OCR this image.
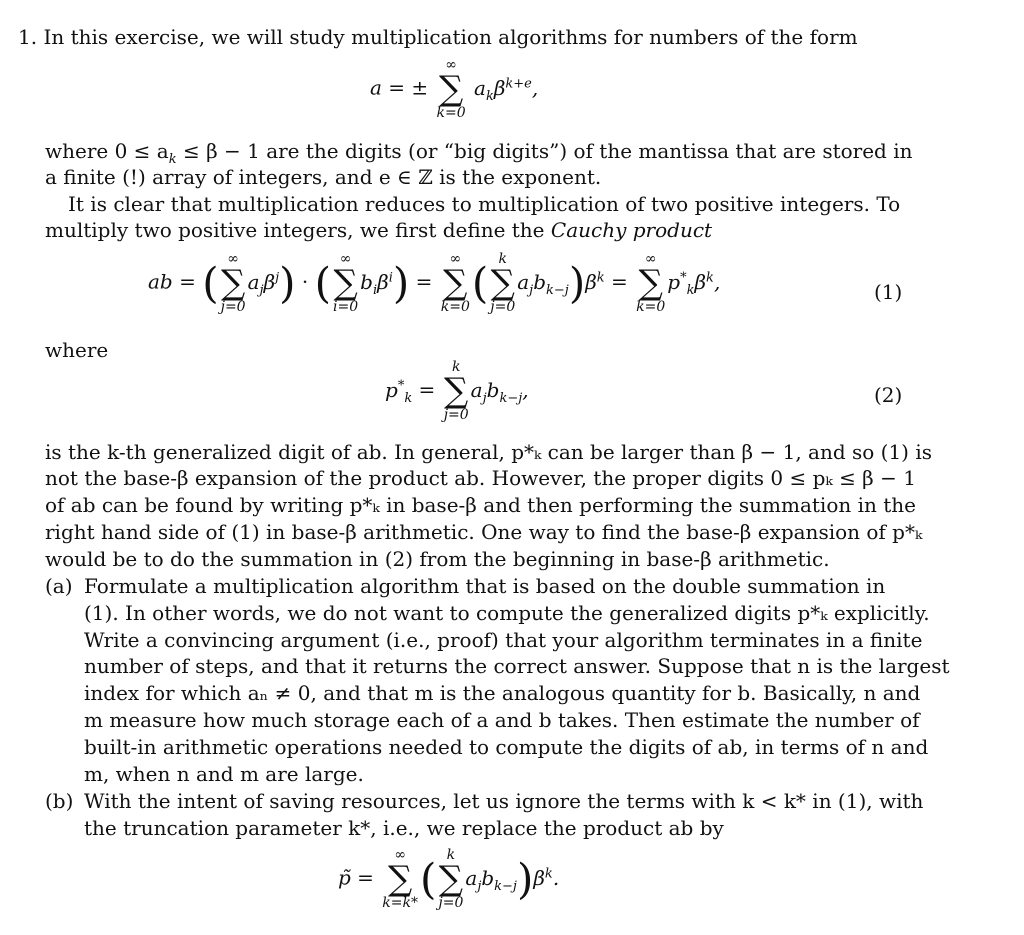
1. In this exercise, we will study multiplication algorithms for numbers of the form
a = ±
∞
∑
k=0
$a_k\beta^{k+e}$,
where $0 \le a_k \le \beta - 1$ are the digits (or “big digits”) of the mantissa that are stored in
a finite (!) array of integers, and e ∈ ℤ is the exponent.
It is clear that multiplication reduces to multiplication of two positive integers. To
multiply two positive integers, we first define the Cauchy product
ab = ( ∞
∑
j=0
$a_j\beta^j$) · ( ∞
∑
i=0
$b_i\beta^i$) =
∞
∑
k=0 ( k
∑
j=0
$a_jb_{k-j})\beta^k$ =
∞
∑
k=0
$p^*_k\beta^k$,	(1)
where
$p^*_k$ =
k
∑
j=0
$a_jb_{k-j}$,	(2)
is the k-th generalized digit of ab. In general, p*ₖ can be larger than β − 1, and so (1) is
not the base-β expansion of the product ab. However, the proper digits 0 ≤ pₖ ≤ β − 1
of ab can be found by writing p*ₖ in base-β and then performing the summation in the
right hand side of (1) in base-β arithmetic. One way to find the base-β expansion of p*ₖ
would be to do the summation in (2) from the beginning in base-β arithmetic.
(a) Formulate a multiplication algorithm that is based on the double summation in
(1). In other words, we do not want to compute the generalized digits p*ₖ explicitly.
Write a convincing argument (i.e., proof) that your algorithm terminates in a finite
number of steps, and that it returns the correct answer. Suppose that n is the largest
index for which aₙ ≠ 0, and that m is the analogous quantity for b. Basically, n and
m measure how much storage each of a and b takes. Then estimate the number of
built-in arithmetic operations needed to compute the digits of ab, in terms of n and
m, when n and m are large.
(b) With the intent of saving resources, let us ignore the terms with k < k* in (1), with
the truncation parameter k*, i.e., we replace the product ab by
p̃ =
∞
∑
k=k* ( k
∑
j=0
$a_jb_{k-j})\beta^k$.
